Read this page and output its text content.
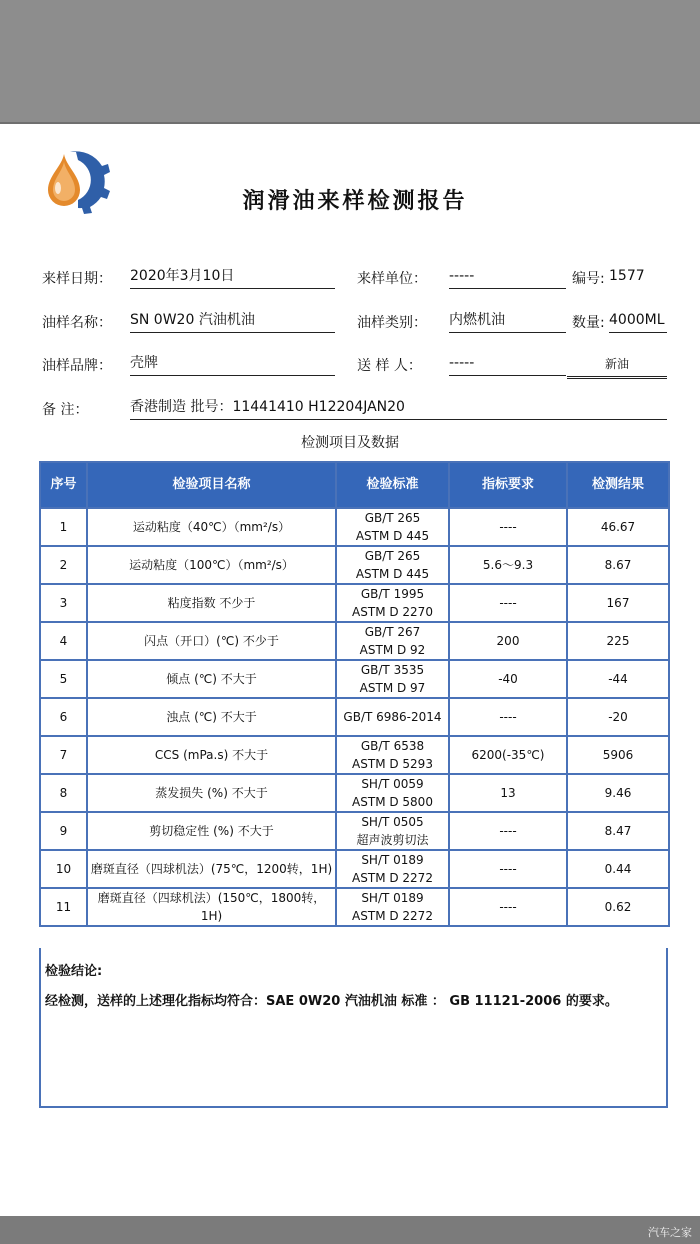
润滑油来样检测报告
来样日期： 2020年3月10日	来样单位： -----	编号: 1577
油样名称： SN 0W20 汽油机油	油样类别： 内燃机油	数量: 4000ML
油样品牌： 壳牌	送 样 人： -----	新油
备 注：	香港制造 批号：11441410 H12204JAN20
检测项目及数据
序号	检验项目名称	检验标准	指标要求	检测结果
1	运动粘度（40℃）（mm²/s）	GB/T 265
ASTM D 445	----	46.67
2	运动粘度（100℃）（mm²/s）	GB/T 265
ASTM D 445	5.6～9.3	8.67
3	粘度指数 不少于	GB/T 1995
ASTM D 2270	----	167
4	闪点（开口）(℃) 不少于	GB/T 267
ASTM D 92	200	225
5	倾点 (℃) 不大于	GB/T 3535
ASTM D 97	-40	-44
6	浊点 (℃) 不大于	GB/T 6986-2014	----	-20
7	CCS (mPa.s) 不大于	GB/T 6538
ASTM D 5293	6200(-35℃)	5906
8	蒸发损失 (%) 不大于	SH/T 0059
ASTM D 5800	13	9.46
9	剪切稳定性 (%) 不大于	SH/T 0505
超声波剪切法	----	8.47
10	磨斑直径（四球机法）(75℃，1200转，1H)	SH/T 0189
ASTM D 2272	----	0.44
11	磨斑直径（四球机法）(150℃，1800转，1H)	SH/T 0189
ASTM D 2272	----	0.62
检验结论:
经检测，送样的上述理化指标均符合：SAE 0W20 汽油机油 标准 ： GB 11121-2006 的要求。
汽车之家
